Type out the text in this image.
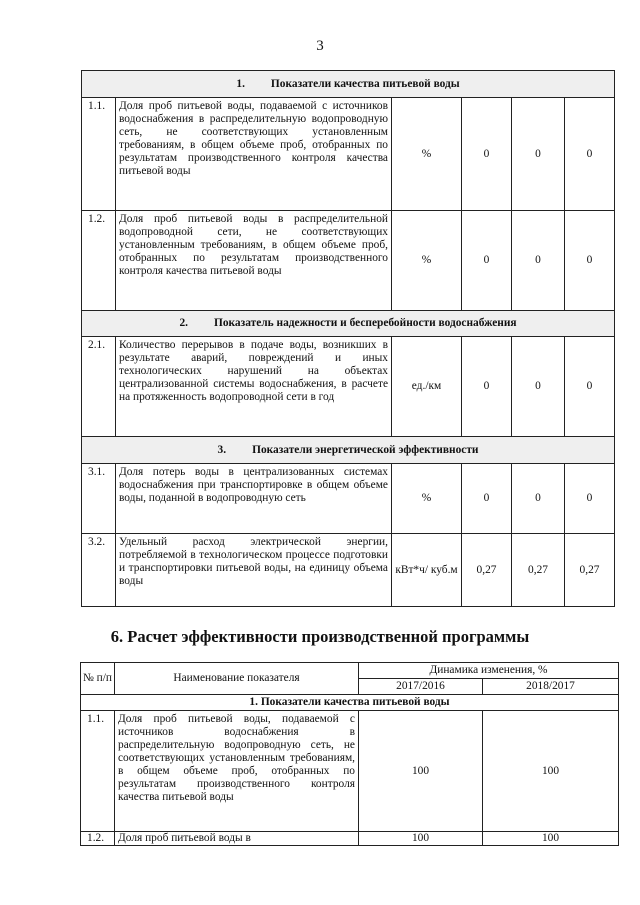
3
1. Показатели качества питьевой воды					
1.1.	Доля проб питьевой воды, подаваемой с источников водоснабжения в распределительную водопроводную сеть, не соответствующих установленным требованиям, в общем объеме проб, отобранных по результатам производственного контроля качества питьевой воды	%	0	0	0
1.2.	Доля проб питьевой воды в распределительной водопроводной сети, не соответствующих установленным требованиям, в общем объеме проб, отобранных по результатам производственного контроля качества питьевой воды	%	0	0	0
2. Показатель надежности и бесперебойности водоснабжения					
2.1.	Количество перерывов в подаче воды, возникших в результате аварий, повреждений и иных технологических нарушений на объектах централизованной системы водоснабжения, в расчете на протяженность водопроводной сети в год	ед./км	0	0	0
3. Показатели энергетической эффективности					
3.1.	Доля потерь воды в централизованных системах водоснабжения при транспортировке в общем объеме воды, поданной в водопроводную сеть	%	0	0	0
3.2.	Удельный расход электрической энергии, потребляемой в технологическом процессе подготовки и транспортировки питьевой воды, на единицу объема воды	кВт*ч/ куб.м	0,27	0,27	0,27
6. Расчет эффективности производственной программы
№ п/п	Наименование показателя	Динамика изменения, %	
		2017/2016	2018/2017
1. Показатели качества питьевой воды			
1.1.	Доля проб питьевой воды, подаваемой с источников водоснабжения в распределительную водопроводную сеть, не соответствующих установленным требованиям, в общем объеме проб, отобранных по результатам производственного контроля качества питьевой воды	100	100
1.2.	Доля проб питьевой воды в	100	100
